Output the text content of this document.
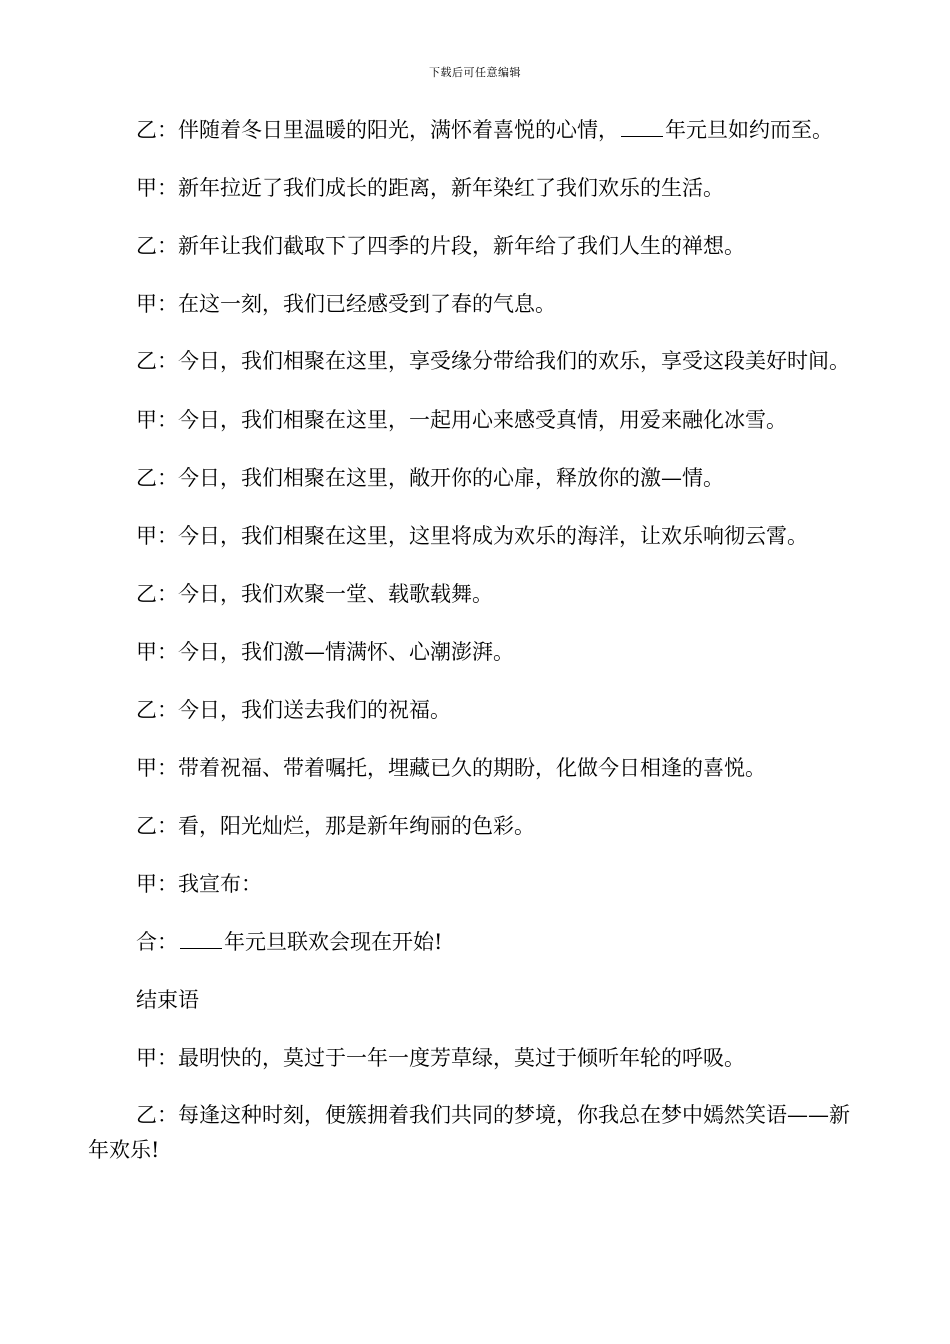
下载后可任意编辑

乙：伴随着冬日里温暖的阳光，满怀着喜悦的心情， 年元旦如约而至。

甲：新年拉近了我们成长的距离，新年染红了我们欢乐的生活。

乙：新年让我们截取下了四季的片段，新年给了我们人生的禅想。

甲：在这一刻，我们已经感受到了春的气息。

乙：今日，我们相聚在这里，享受缘分带给我们的欢乐，享受这段美好时间。

甲：今日，我们相聚在这里，一起用心来感受真情，用爱来融化冰雪。

乙：今日，我们相聚在这里，敞开你的心扉，释放你的激—情。

甲：今日，我们相聚在这里，这里将成为欢乐的海洋，让欢乐响彻云霄。

乙：今日，我们欢聚一堂、载歌载舞。

甲：今日，我们激—情满怀、心潮澎湃。

乙：今日，我们送去我们的祝福。

甲：带着祝福、带着嘱托，埋藏已久的期盼，化做今日相逢的喜悦。

乙：看，阳光灿烂，那是新年绚丽的色彩。

甲：我宣布：

合： 年元旦联欢会现在开始!

结束语

甲：最明快的，莫过于一年一度芳草绿，莫过于倾听年轮的呼吸。

乙：每逢这种时刻，便簇拥着我们共同的梦境，你我总在梦中嫣然笑语——新年欢乐!
